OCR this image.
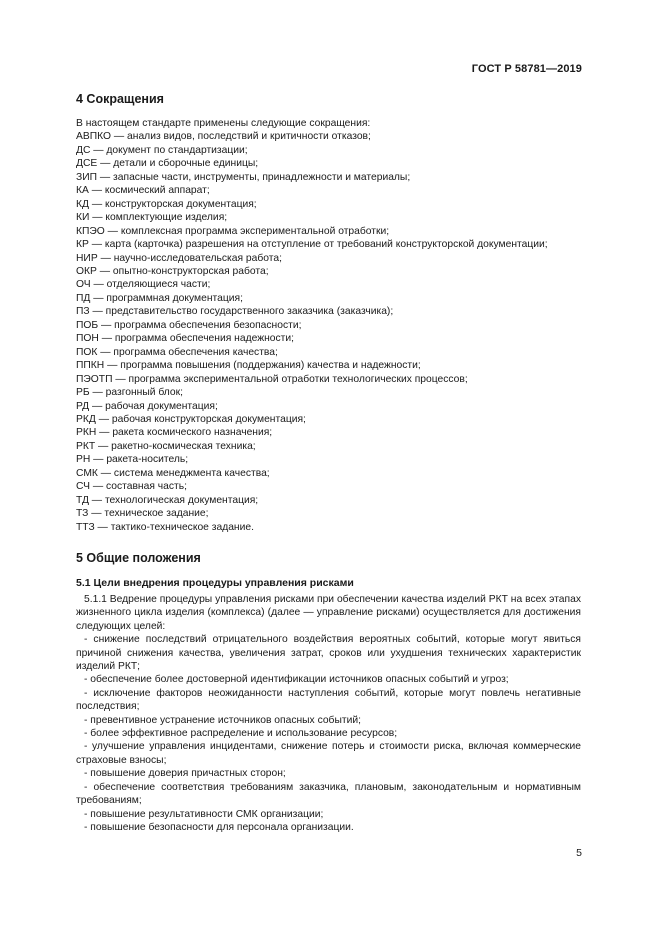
ГОСТ Р 58781—2019
4 Сокращения
В настоящем стандарте применены следующие сокращения:
АВПКО — анализ видов, последствий и критичности отказов;
ДС — документ по стандартизации;
ДСЕ — детали и сборочные единицы;
ЗИП — запасные части, инструменты, принадлежности и материалы;
КА — космический аппарат;
КД — конструкторская документация;
КИ — комплектующие изделия;
КПЭО — комплексная программа экспериментальной отработки;
КР — карта (карточка) разрешения на отступление от требований конструкторской документации;
НИР — научно-исследовательская работа;
ОКР — опытно-конструкторская работа;
ОЧ — отделяющиеся части;
ПД — программная документация;
ПЗ — представительство государственного заказчика (заказчика);
ПОБ — программа обеспечения безопасности;
ПОН — программа обеспечения надежности;
ПОК — программа обеспечения качества;
ППКН — программа повышения (поддержания) качества и надежности;
ПЭОТП — программа экспериментальной отработки технологических процессов;
РБ — разгонный блок;
РД — рабочая документация;
РКД — рабочая конструкторская документация;
РКН — ракета космического назначения;
РКТ — ракетно-космическая техника;
РН — ракета-носитель;
СМК — система менеджмента качества;
СЧ — составная часть;
ТД — технологическая документация;
ТЗ — техническое задание;
ТТЗ — тактико-техническое задание.
5 Общие положения
5.1 Цели внедрения процедуры управления рисками

5.1.1 Ведрение процедуры управления рисками при обеспечении качества изделий РКТ на всех этапах жизненного цикла изделия (комплекса) (далее — управление рисками) осуществляется для достижения следующих целей:

- снижение последствий отрицательного воздействия вероятных событий, которые могут явиться причиной снижения качества, увеличения затрат, сроков или ухудшения технических характеристик изделий РКТ;

- обеспечение более достоверной идентификации источников опасных событий и угроз;

- исключение факторов неожиданности наступления событий, которые могут повлечь негативные последствия;

- превентивное устранение источников опасных событий;

- более эффективное распределение и использование ресурсов;

- улучшение управления инцидентами, снижение потерь и стоимости риска, включая коммерческие страховые взносы;

- повышение доверия причастных сторон;

- обеспечение соответствия требованиям заказчика, плановым, законодательным и нормативным требованиям;

- повышение результативности СМК организации;

- повышение безопасности для персонала организации.

5
